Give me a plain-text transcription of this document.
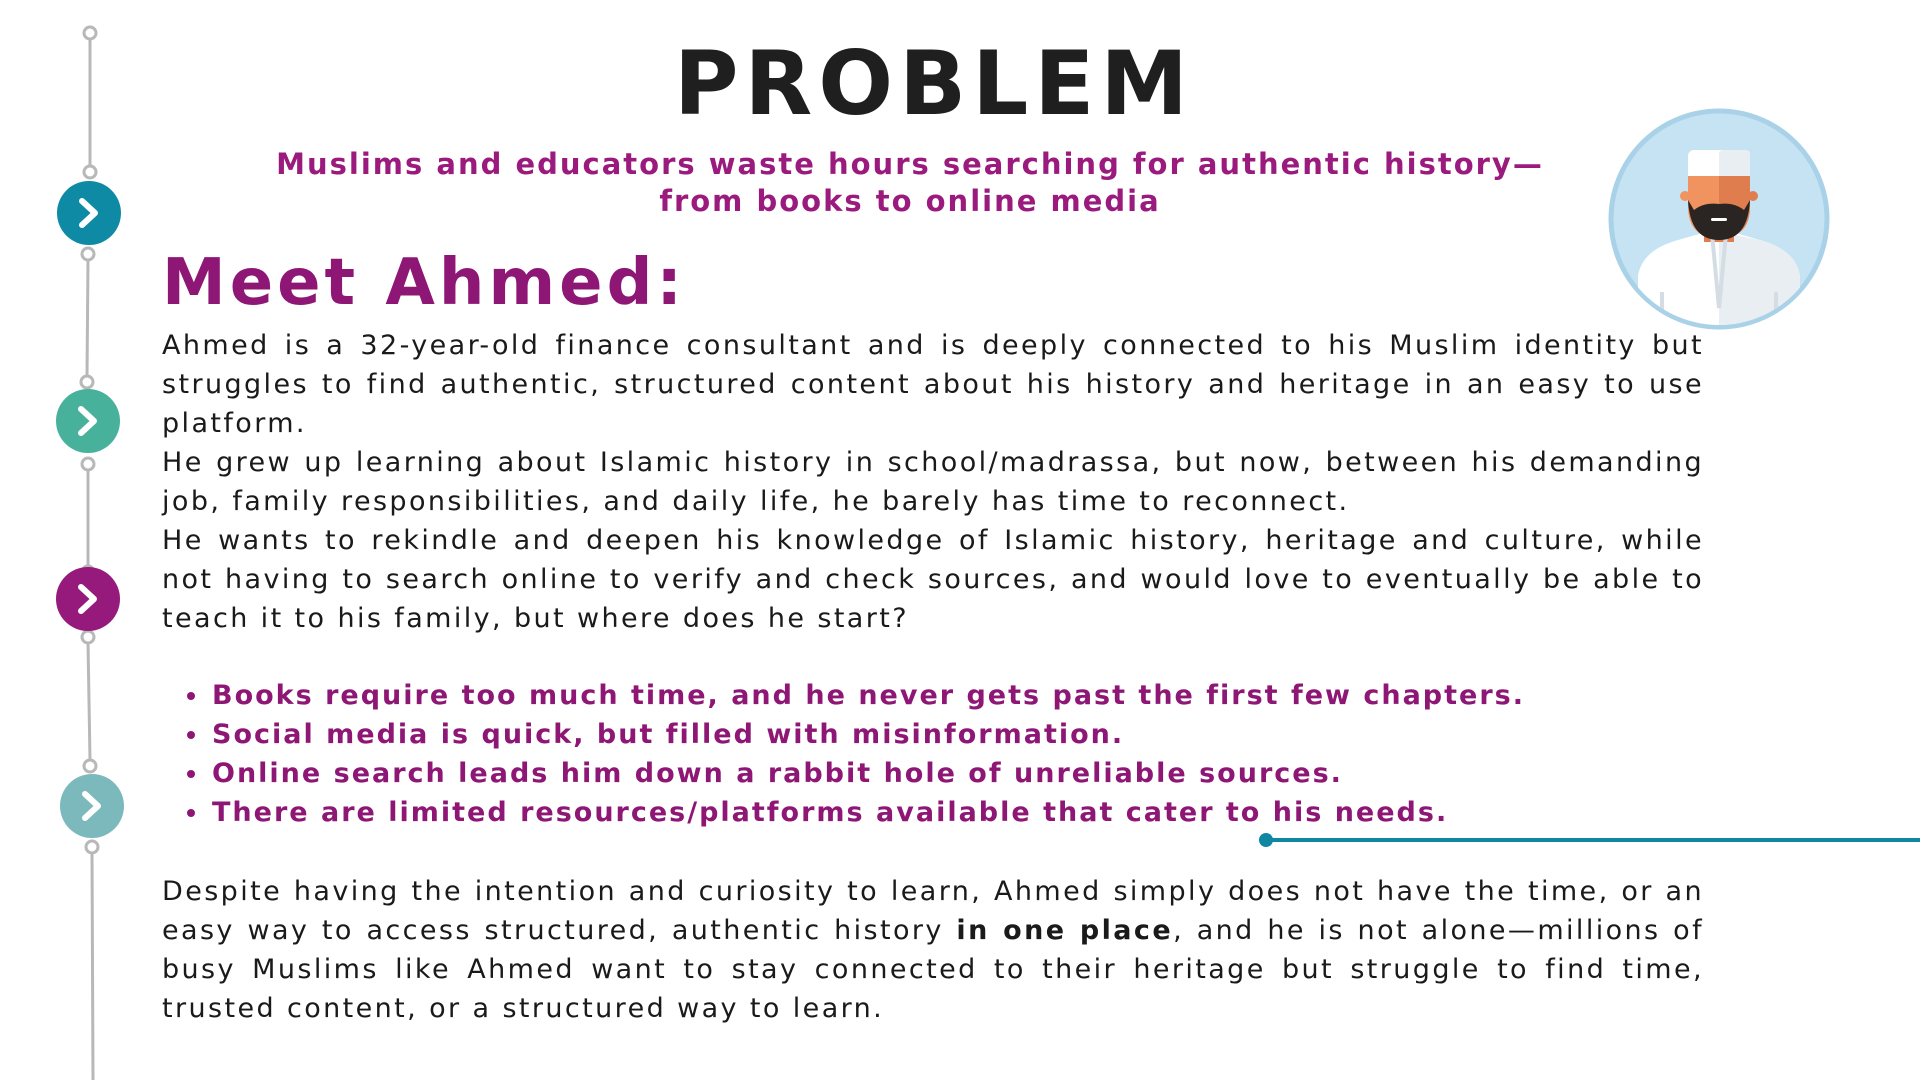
PROBLEM

Muslims and educators waste hours searching for authentic history—from books to online media

Meet Ahmed:

Ahmed is a 32-year-old finance consultant and is deeply connected to his Muslim identity but struggles to find authentic, structured content about his history and heritage in an easy to use platform.

He grew up learning about Islamic history in school/madrassa, but now, between his demanding job, family responsibilities, and daily life, he barely has time to reconnect.

He wants to rekindle and deepen his knowledge of Islamic history, heritage and culture, while not having to search online to verify and check sources, and would love to eventually be able to teach it to his family, but where does he start?

• Books require too much time, and he never gets past the first few chapters.
• Social media is quick, but filled with misinformation.
• Online search leads him down a rabbit hole of unreliable sources.
• There are limited resources/platforms available that cater to his needs.

Despite having the intention and curiosity to learn, Ahmed simply does not have the time, or an easy way to access structured, authentic history in one place, and he is not alone—millions of busy Muslims like Ahmed want to stay connected to their heritage but struggle to find time, trusted content, or a structured way to learn.
